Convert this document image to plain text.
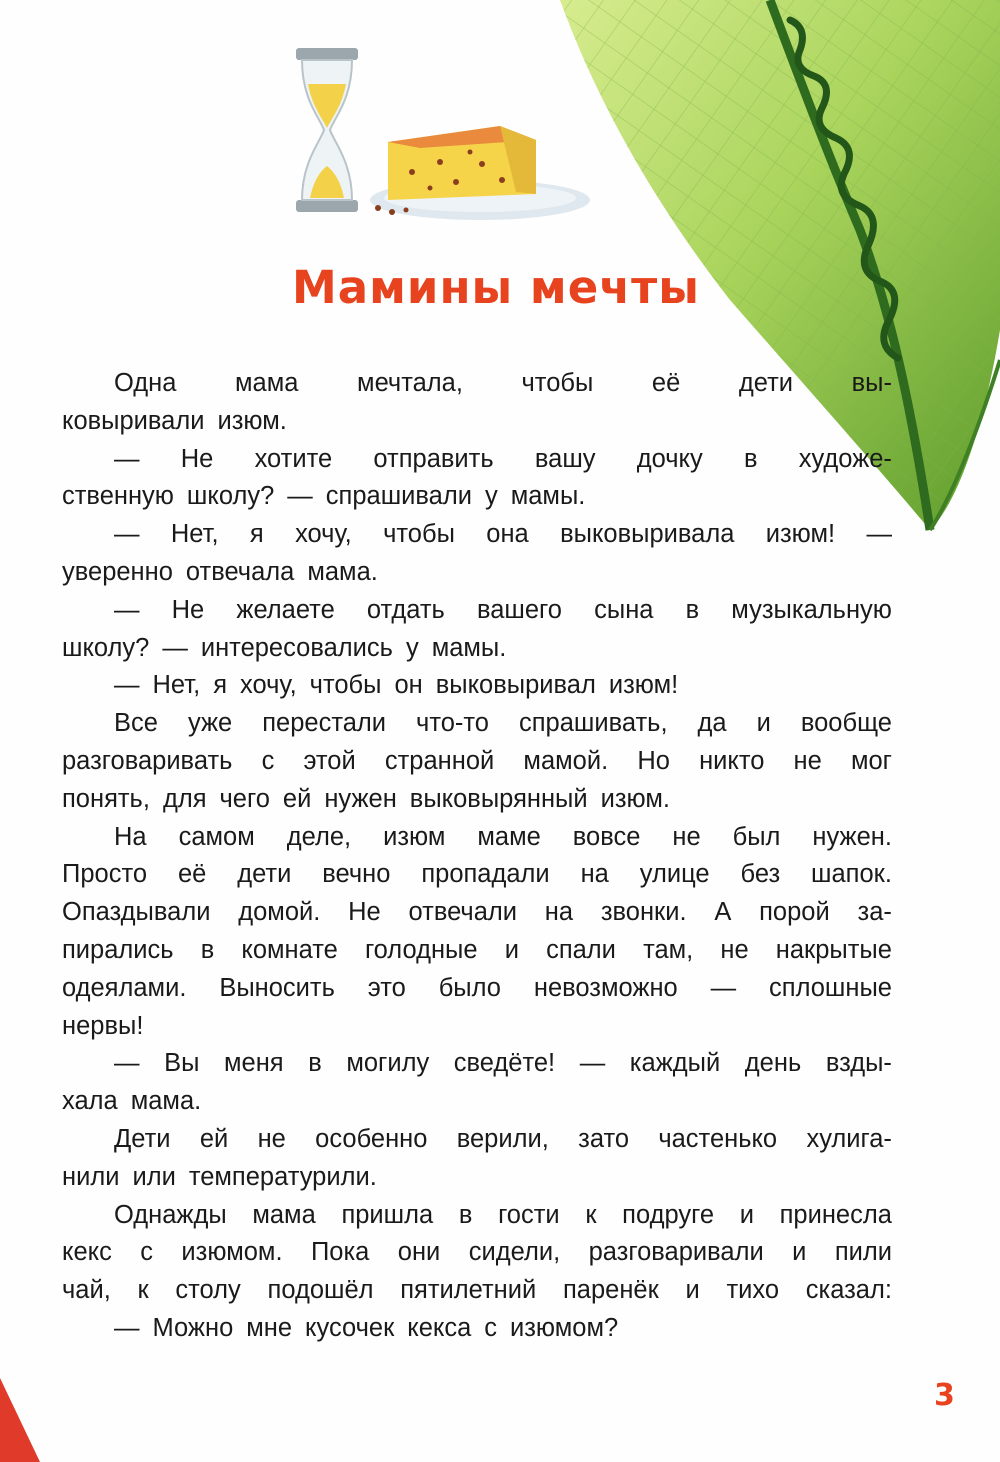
Мамины мечты
Одна мама мечтала, чтобы её дети вы-
ковыривали изюм.
— Не хотите отправить вашу дочку в художе-
ственную школу? — спрашивали у мамы.
— Нет, я хочу, чтобы она выковыривала изюм! —
уверенно отвечала мама.
— Не желаете отдать вашего сына в музыкальную
школу? — интересовались у мамы.
— Нет, я хочу, чтобы он выковыривал изюм!
Все уже перестали что-то спрашивать, да и вообще
разговаривать с этой странной мамой. Но никто не мог
понять, для чего ей нужен выковырянный изюм.
На самом деле, изюм маме вовсе не был нужен.
Просто её дети вечно пропадали на улице без шапок.
Опаздывали домой. Не отвечали на звонки. А порой за-
пирались в комнате голодные и спали там, не накрытые
одеялами. Выносить это было невозможно — сплошные
нервы!
— Вы меня в могилу сведёте! — каждый день взды-
хала мама.
Дети ей не особенно верили, зато частенько хулига-
нили или температурили.
Однажды мама пришла в гости к подруге и принесла
кекс с изюмом. Пока они сидели, разговаривали и пили
чай, к столу подошёл пятилетний паренёк и тихо сказал:
— Можно мне кусочек кекса с изюмом?
3
